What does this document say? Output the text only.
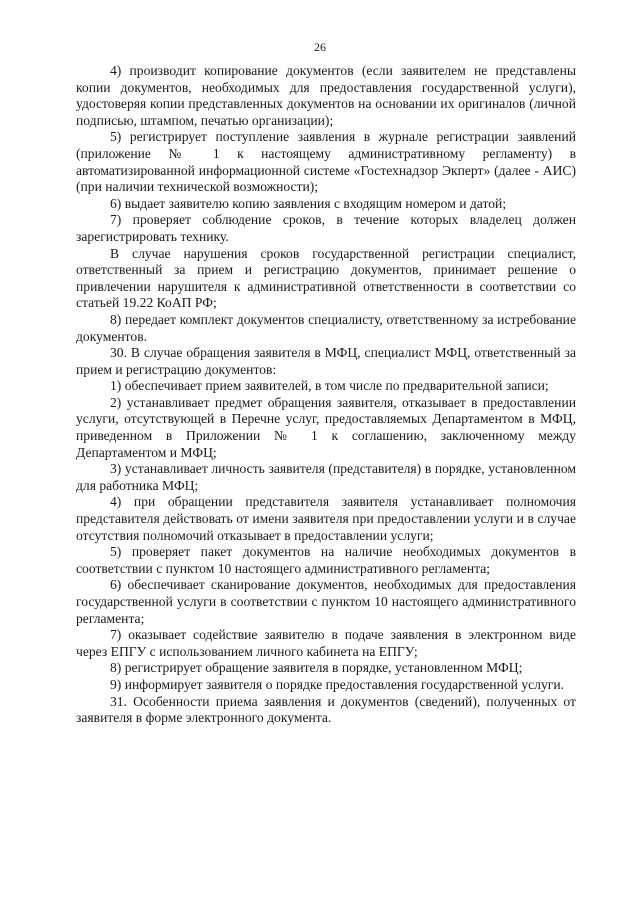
26

4) производит копирование документов (если заявителем не представлены копии документов, необходимых для предоставления государственной услуги), удостоверяя копии представленных документов на основании их оригиналов (личной подписью, штампом, печатью организации);

5) регистрирует поступление заявления в журнале регистрации заявлений (приложение № 1 к настоящему административному регламенту) в автоматизированной информационной системе «Гостехнадзор Экперт» (далее - АИС) (при наличии технической возможности);

6) выдает заявителю копию заявления с входящим номером и датой;

7) проверяет соблюдение сроков, в течение которых владелец должен зарегистрировать технику.

В случае нарушения сроков государственной регистрации специалист, ответственный за прием и регистрацию документов, принимает решение о привлечении нарушителя к административной ответственности в соответствии со статьей 19.22 КоАП РФ;

8) передает комплект документов специалисту, ответственному за истребование документов.

30. В случае обращения заявителя в МФЦ, специалист МФЦ, ответственный за прием и регистрацию документов:

1) обеспечивает прием заявителей, в том числе по предварительной записи;

2) устанавливает предмет обращения заявителя, отказывает в предоставлении услуги, отсутствующей в Перечне услуг, предоставляемых Департаментом в МФЦ, приведенном в Приложении № 1 к соглашению, заключенному между Департаментом и МФЦ;

3) устанавливает личность заявителя (представителя) в порядке, установленном для работника МФЦ;

4) при обращении представителя заявителя устанавливает полномочия представителя действовать от имени заявителя при предоставлении услуги и в случае отсутствия полномочий отказывает в предоставлении услуги;

5) проверяет пакет документов на наличие необходимых документов в соответствии с пунктом 10 настоящего административного регламента;

6) обеспечивает сканирование документов, необходимых для предоставления государственной услуги в соответствии с пунктом 10 настоящего административного регламента;

7) оказывает содействие заявителю в подаче заявления в электронном виде через ЕПГУ с использованием личного кабинета на ЕПГУ;

8) регистрирует обращение заявителя в порядке, установленном МФЦ;

9) информирует заявителя о порядке предоставления государственной услуги.

31. Особенности приема заявления и документов (сведений), полученных от заявителя в форме электронного документа.
